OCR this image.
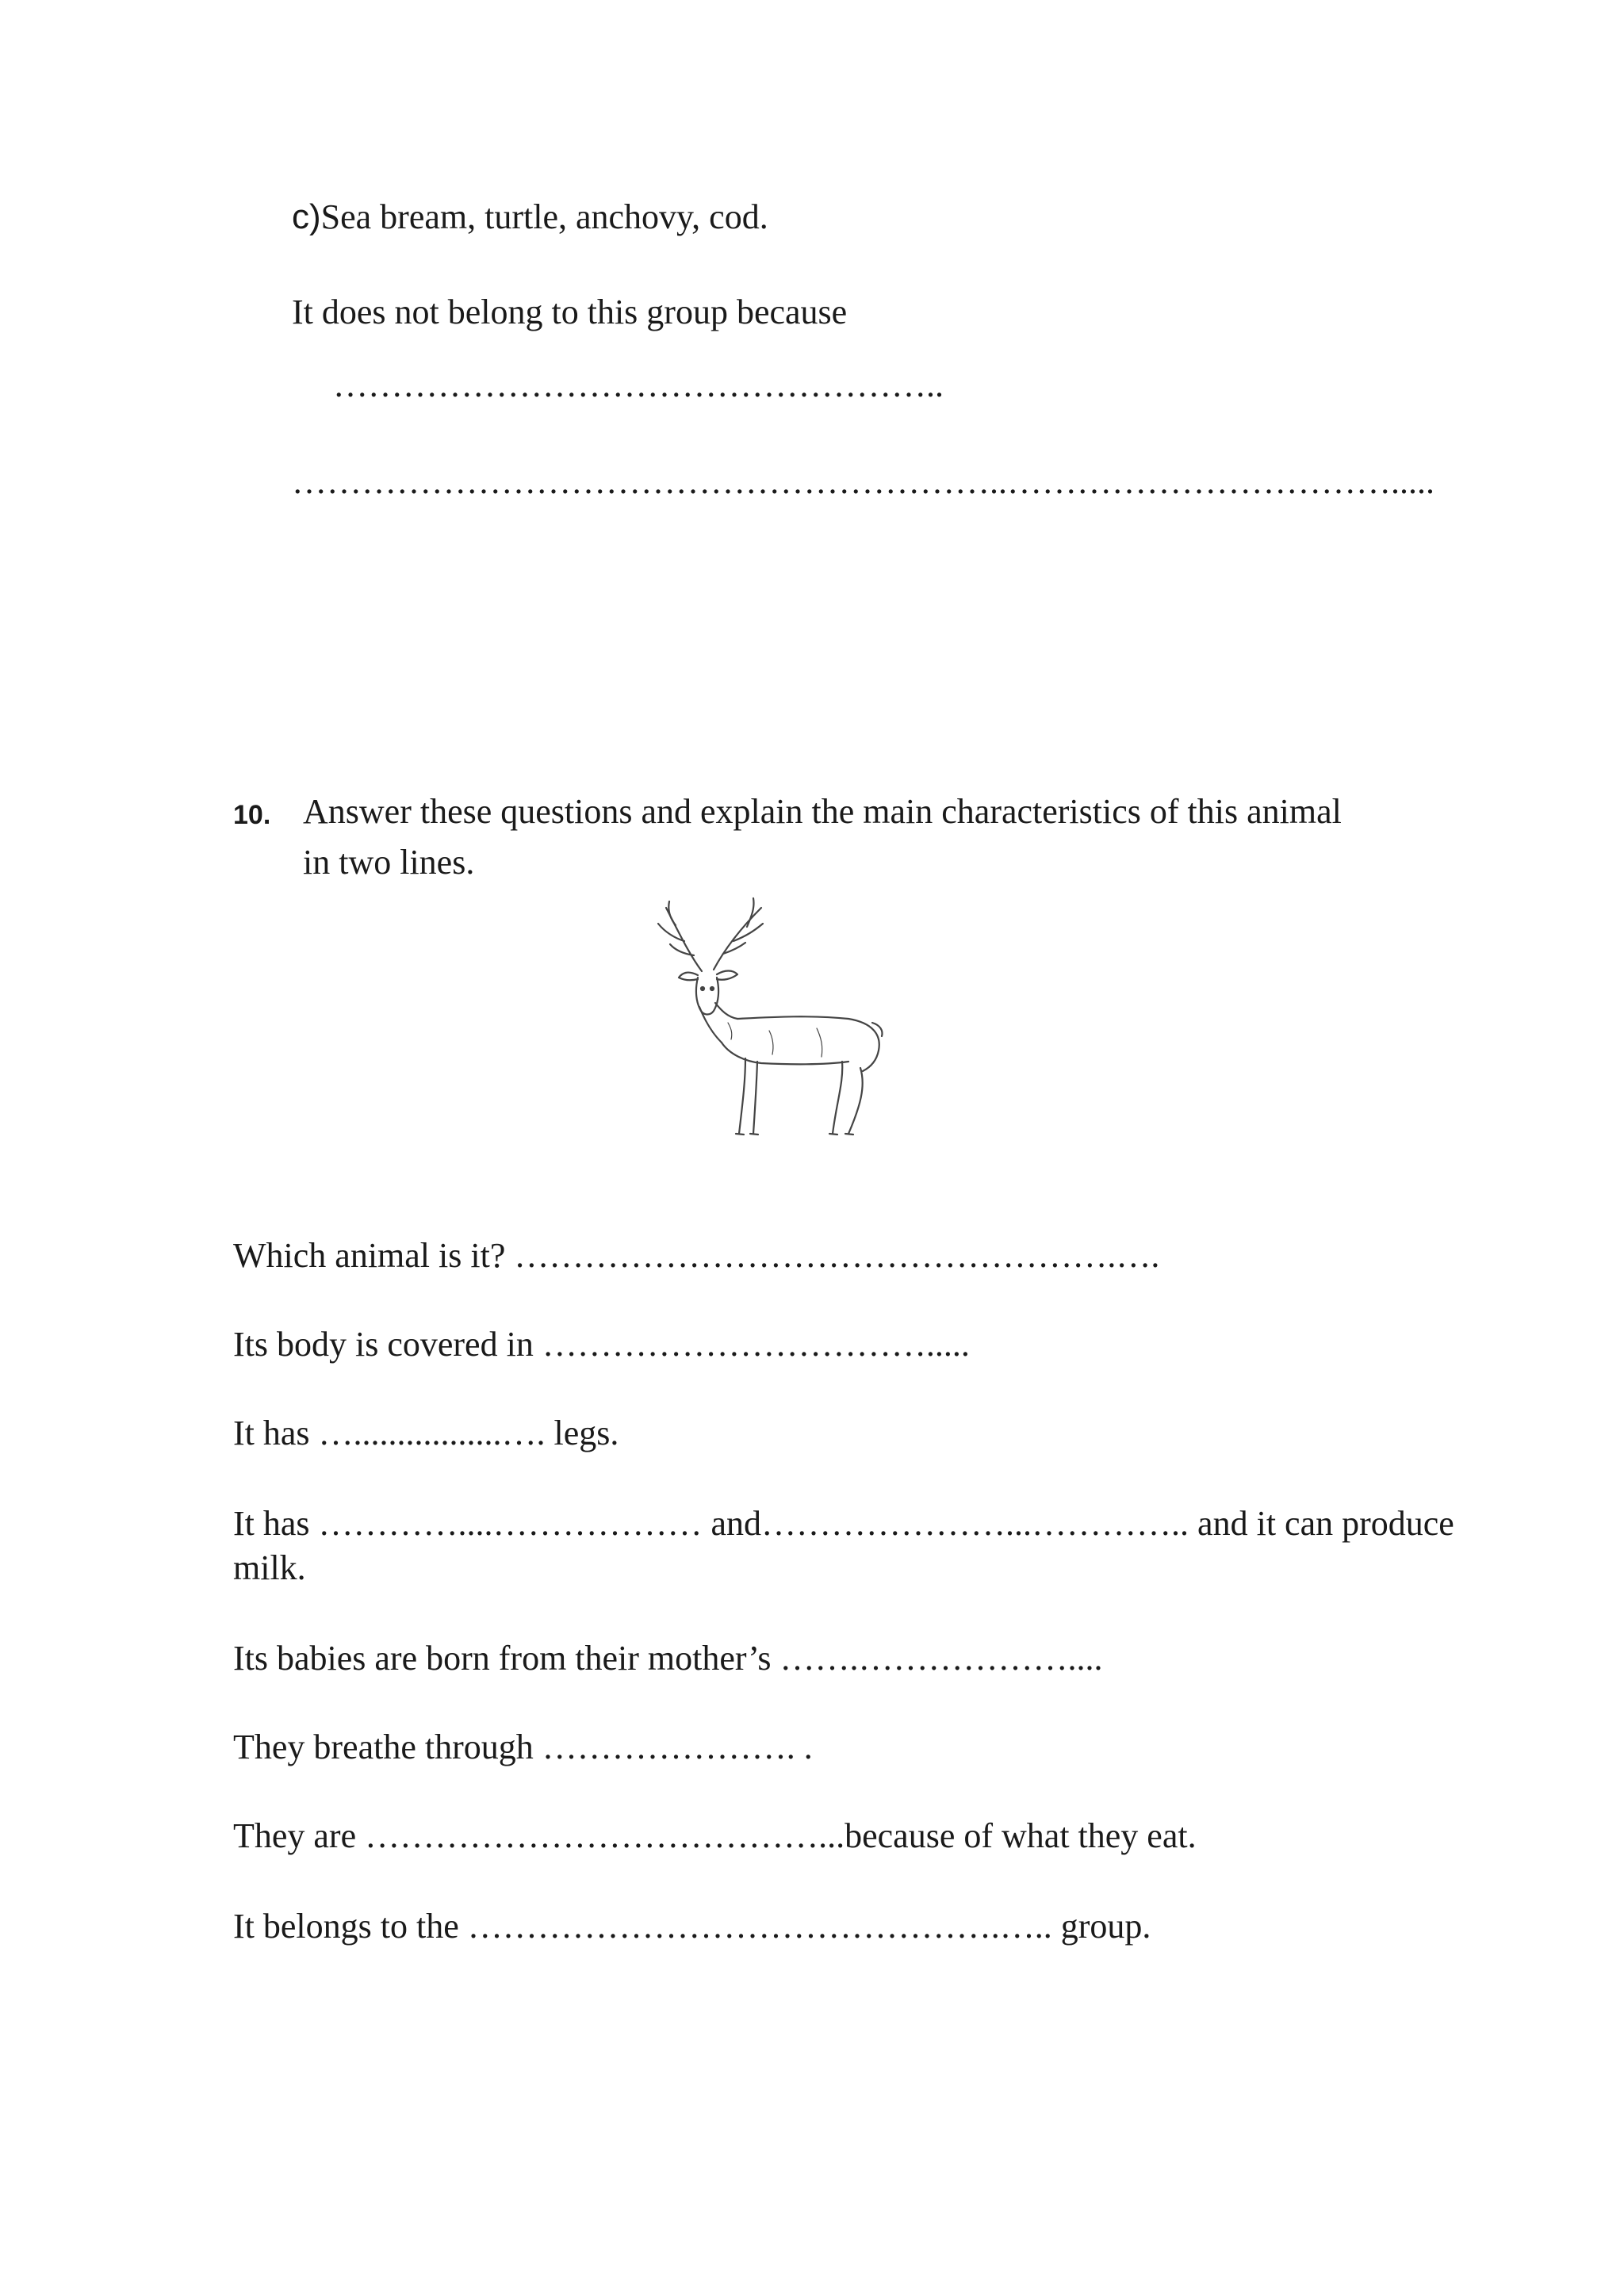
c)Sea bream, turtle, anchovy, cod.
It does not belong to this group because
……………………………………………..
……………………………………………………..…………………………….....
10. Answer these questions and explain the main characteristics of this animal in two lines.
Which animal is it? …………………………………………….….
Its body is covered in …………………………….....
It has ….................…. legs.
It has …………....……………… and…………………...………….. and it can produce
milk.
Its babies are born from their mother’s …….………………....
They breathe through …………………. .
They are …………………………………...because of what they eat.
It belongs to the ……………………………………….….. group.
